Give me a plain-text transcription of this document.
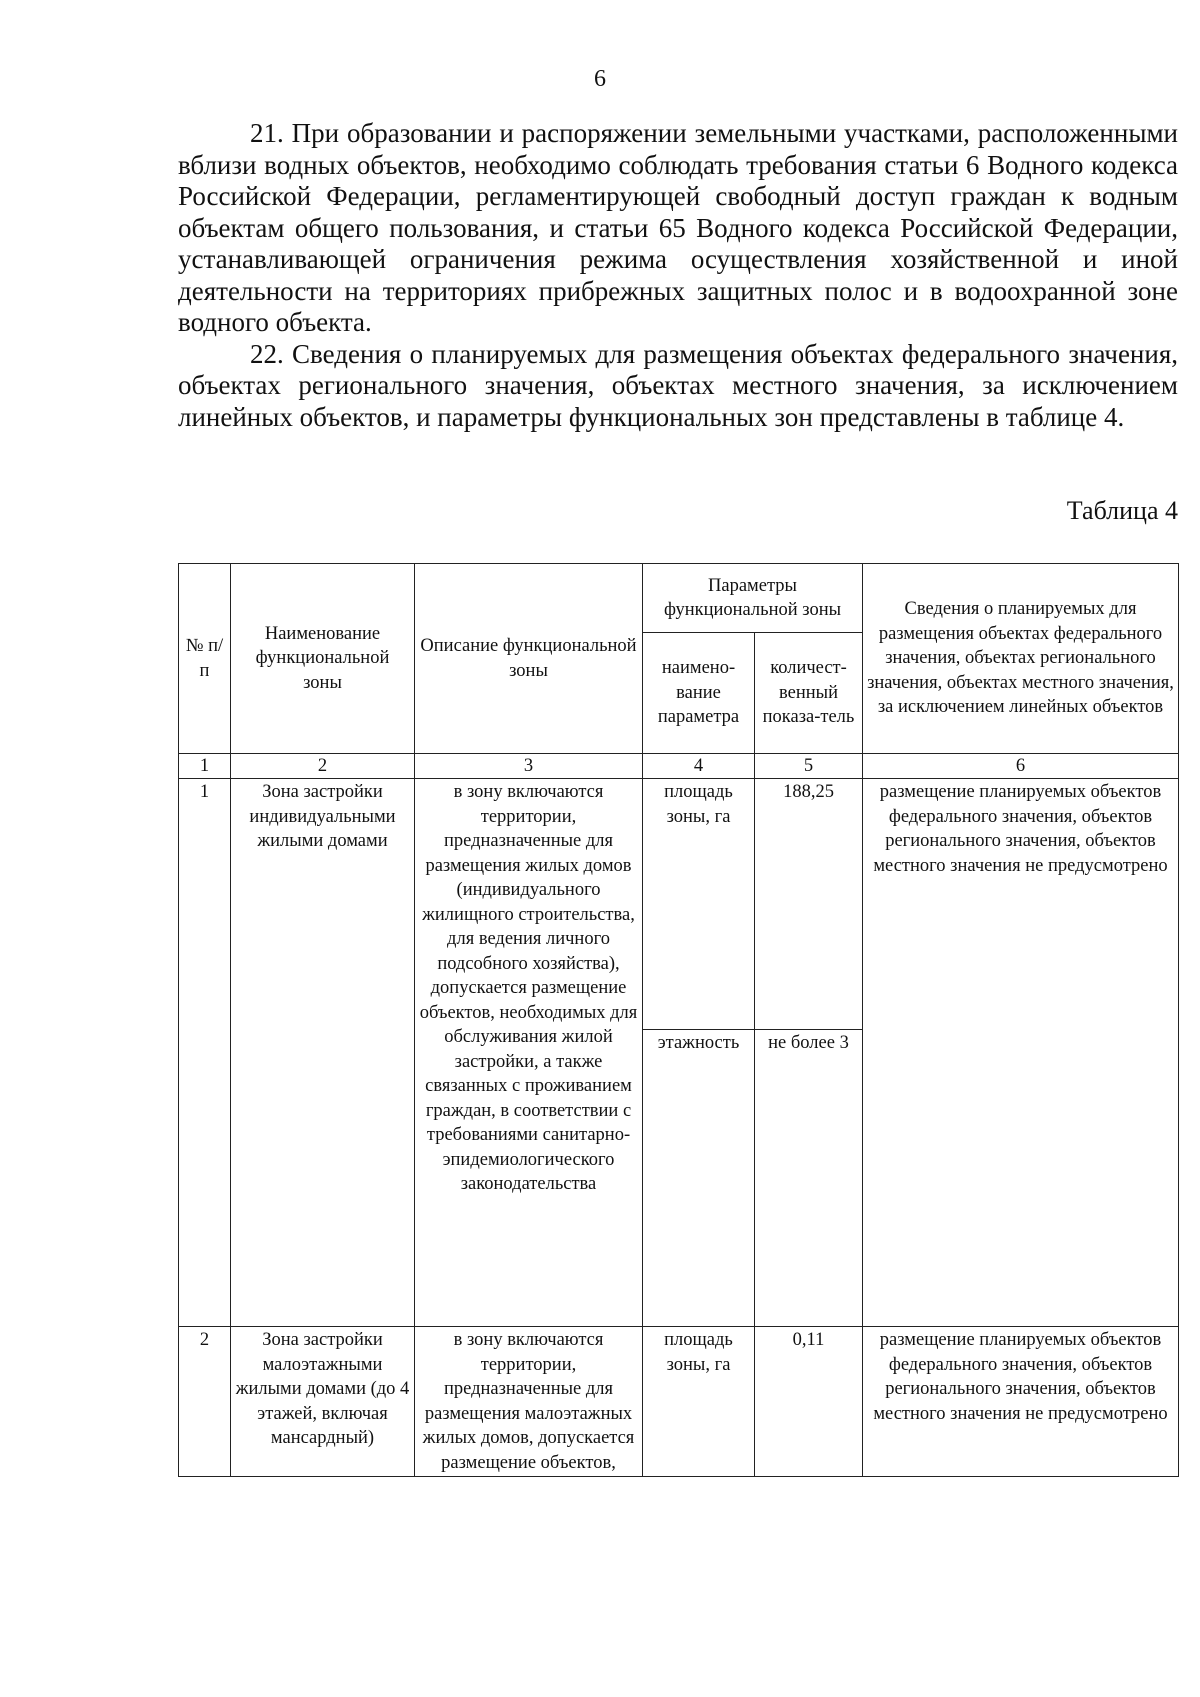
6

21. При образовании и распоряжении земельными участками, расположенными вблизи водных объектов, необходимо соблюдать требования статьи 6 Водного кодекса Российской Федерации, регламентирующей свободный доступ граждан к водным объектам общего пользования, и статьи 65 Водного кодекса Российской Федерации, устанавливающей ограничения режима осуществления хозяйственной и иной деятельности на территориях прибрежных защитных полос и в водоохранной зоне водного объекта.

22. Сведения о планируемых для размещения объектах федерального значения, объектах регионального значения, объектах местного значения, за исключением линейных объектов, и параметры функциональных зон представлены в таблице 4.

Таблица 4
№ п/п	Наименование функциональной зоны	Описание функциональной зоны	Параметры функциональной зоны		Сведения о планируемых для размещения объектах федерального значения, объектах регионального значения, объектах местного значения, за исключением линейных объектов
			наимено-вание параметра	количест-венный показа-тель	
1	2	3	4	5	6
1	Зона застройки индивидуальными жилыми домами	в зону включаются территории, предназначенные для размещения жилых домов (индивидуального жилищного строительства, для ведения личного подсобного хозяйства), допускается размещение объектов, необходимых для обслуживания жилой застройки, а также связанных с проживанием граждан, в соответствии с требованиями санитарно-эпидемиологического законодательства	площадь зоны, га	188,25	размещение планируемых объектов федерального значения, объектов регионального значения, объектов местного значения не предусмотрено
			этажность	не более 3	
2	Зона застройки малоэтажными жилыми домами (до 4 этажей, включая мансардный)	в зону включаются территории, предназначенные для размещения малоэтажных жилых домов, допускается размещение объектов,	площадь зоны, га	0,11	размещение планируемых объектов федерального значения, объектов регионального значения, объектов местного значения не предусмотрено
